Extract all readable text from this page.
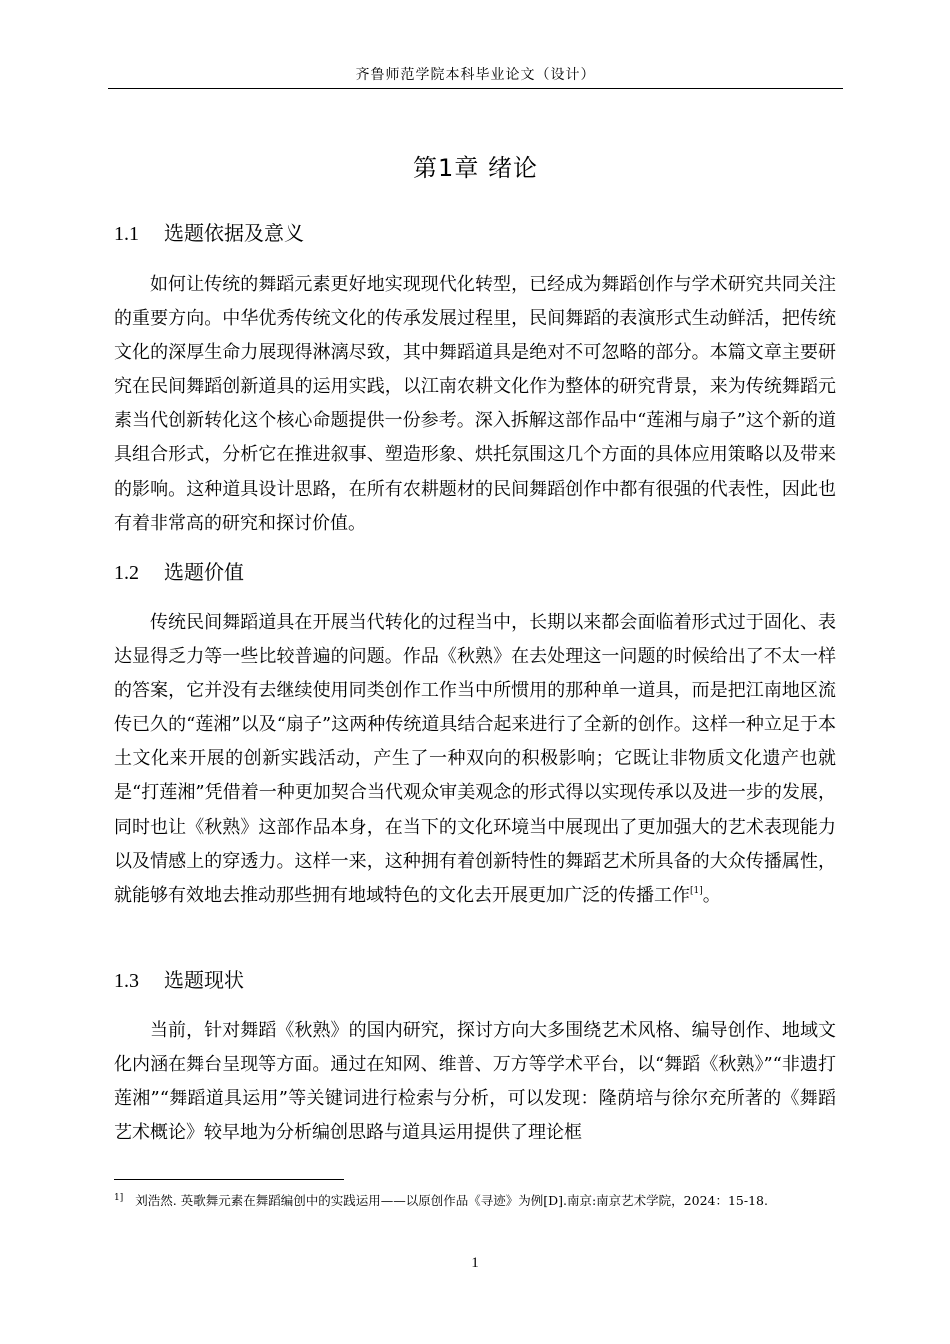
齐鲁师范学院本科毕业论文（设计）
第1章 绪论
1.1 选题依据及意义

如何让传统的舞蹈元素更好地实现现代化转型，已经成为舞蹈创作与学术研究共同关注的重要方向。中华优秀传统文化的传承发展过程里，民间舞蹈的表演形式生动鲜活，把传统文化的深厚生命力展现得淋漓尽致，其中舞蹈道具是绝对不可忽略的部分。本篇文章主要研究在民间舞蹈创新道具的运用实践，以江南农耕文化作为整体的研究背景，来为传统舞蹈元素当代创新转化这个核心命题提供一份参考。深入拆解这部作品中“莲湘与扇子”这个新的道具组合形式，分析它在推进叙事、塑造形象、烘托氛围这几个方面的具体应用策略以及带来的影响。这种道具设计思路，在所有农耕题材的民间舞蹈创作中都有很强的代表性，因此也有着非常高的研究和探讨价值。

1.2 选题价值

传统民间舞蹈道具在开展当代转化的过程当中，长期以来都会面临着形式过于固化、表达显得乏力等一些比较普遍的问题。作品《秋熟》在去处理这一问题的时候给出了不太一样的答案，它并没有去继续使用同类创作工作当中所惯用的那种单一道具，而是把江南地区流传已久的“莲湘”以及“扇子”这两种传统道具结合起来进行了全新的创作。这样一种立足于本土文化来开展的创新实践活动，产生了一种双向的积极影响；它既让非物质文化遗产也就是“打莲湘”凭借着一种更加契合当代观众审美观念的形式得以实现传承以及进一步的发展，同时也让《秋熟》这部作品本身，在当下的文化环境当中展现出了更加强大的艺术表现能力以及情感上的穿透力。这样一来，这种拥有着创新特性的舞蹈艺术所具备的大众传播属性，就能够有效地去推动那些拥有地域特色的文化去开展更加广泛的传播工作[1]。

1.3 选题现状

当前，针对舞蹈《秋熟》的国内研究，探讨方向大多围绕艺术风格、编导创作、地域文化内涵在舞台呈现等方面。通过在知网、维普、万方等学术平台，以“舞蹈《秋熟》”“非遗打莲湘”“舞蹈道具运用”等关键词进行检索与分析，可以发现：隆荫培与徐尔充所著的《舞蹈艺术概论》较早地为分析编创思路与道具运用提供了理论框

$^{1]}$ 刘浩然. 英歌舞元素在舞蹈编创中的实践运用——以原创作品《寻迹》为例[D].南京:南京艺术学院，2024：15-18.
1
